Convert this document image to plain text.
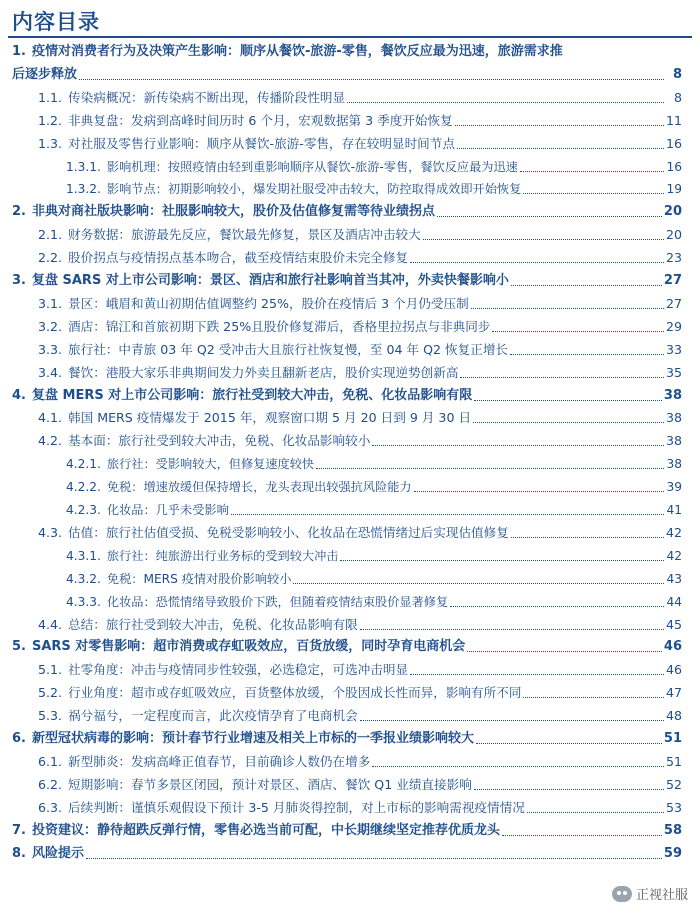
内容目录
1. 疫情对消费者行为及决策产生影响：顺序从餐饮-旅游-零售，餐饮反应最为迅速，旅游需求推
后逐步释放	8
1.1. 传染病概况：新传染病不断出现，传播阶段性明显	8
1.2. 非典复盘：发病到高峰时间历时 6 个月，宏观数据第 3 季度开始恢复	11
1.3. 对社服及零售行业影响：顺序从餐饮-旅游-零售，存在较明显时间节点	16
1.3.1. 影响机理：按照疫情由轻到重影响顺序从餐饮-旅游-零售，餐饮反应最为迅速	16
1.3.2. 影响节点：初期影响较小，爆发期社服受冲击较大，防控取得成效即开始恢复	19
2. 非典对商社版块影响：社服影响较大，股价及估值修复需等待业绩拐点	20
2.1. 财务数据：旅游最先反应，餐饮最先修复，景区及酒店冲击较大	20
2.2. 股价拐点与疫情拐点基本吻合，截至疫情结束股价未完全修复	23
3. 复盘 SARS 对上市公司影响：景区、酒店和旅行社影响首当其冲，外卖快餐影响小	27
3.1. 景区：峨眉和黄山初期估值调整约 25%，股价在疫情后 3 个月仍受压制	27
3.2. 酒店：锦江和首旅初期下跌 25%且股价修复滞后，香格里拉拐点与非典同步	29
3.3. 旅行社：中青旅 03 年 Q2 受冲击大且旅行社恢复慢，至 04 年 Q2 恢复正增长	33
3.4. 餐饮：港股大家乐非典期间发力外卖且翻新老店，股价实现逆势创新高	35
4. 复盘 MERS 对上市公司影响：旅行社受到较大冲击，免税、化妆品影响有限	38
4.1. 韩国 MERS 疫情爆发于 2015 年，观察窗口期 5 月 20 日到 9 月 30 日	38
4.2. 基本面：旅行社受到较大冲击，免税、化妆品影响较小	38
4.2.1. 旅行社：受影响较大，但修复速度较快	38
4.2.2. 免税：增速放缓但保持增长，龙头表现出较强抗风险能力	39
4.2.3. 化妆品：几乎未受影响	41
4.3. 估值：旅行社估值受损、免税受影响较小、化妆品在恐慌情绪过后实现估值修复	42
4.3.1. 旅行社：纯旅游出行业务标的受到较大冲击	42
4.3.2. 免税：MERS 疫情对股价影响较小	43
4.3.3. 化妆品：恐慌情绪导致股价下跌，但随着疫情结束股价显著修复	44
4.4. 总结：旅行社受到较大冲击，免税、化妆品影响有限	45
5. SARS 对零售影响：超市消费或存虹吸效应，百货放缓，同时孕育电商机会	46
5.1. 社零角度：冲击与疫情同步性较强，必选稳定，可选冲击明显	46
5.2. 行业角度：超市或存虹吸效应，百货整体放缓，个股因成长性而异，影响有所不同	47
5.3. 祸兮福兮，一定程度而言，此次疫情孕育了电商机会	48
6. 新型冠状病毒的影响：预计春节行业增速及相关上市标的一季报业绩影响较大	51
6.1. 新型肺炎：发病高峰正值春节，目前确诊人数仍在增多	51
6.2. 短期影响：春节多景区闭园，预计对景区、酒店、餐饮 Q1 业绩直接影响	52
6.3. 后续判断：谨慎乐观假设下预计 3-5 月肺炎得控制，对上市标的影响需视疫情情况	53
7. 投资建议：静待超跌反弹行情，零售必选当前可配，中长期继续坚定推荐优质龙头	58
8. 风险提示	59
正视社服
